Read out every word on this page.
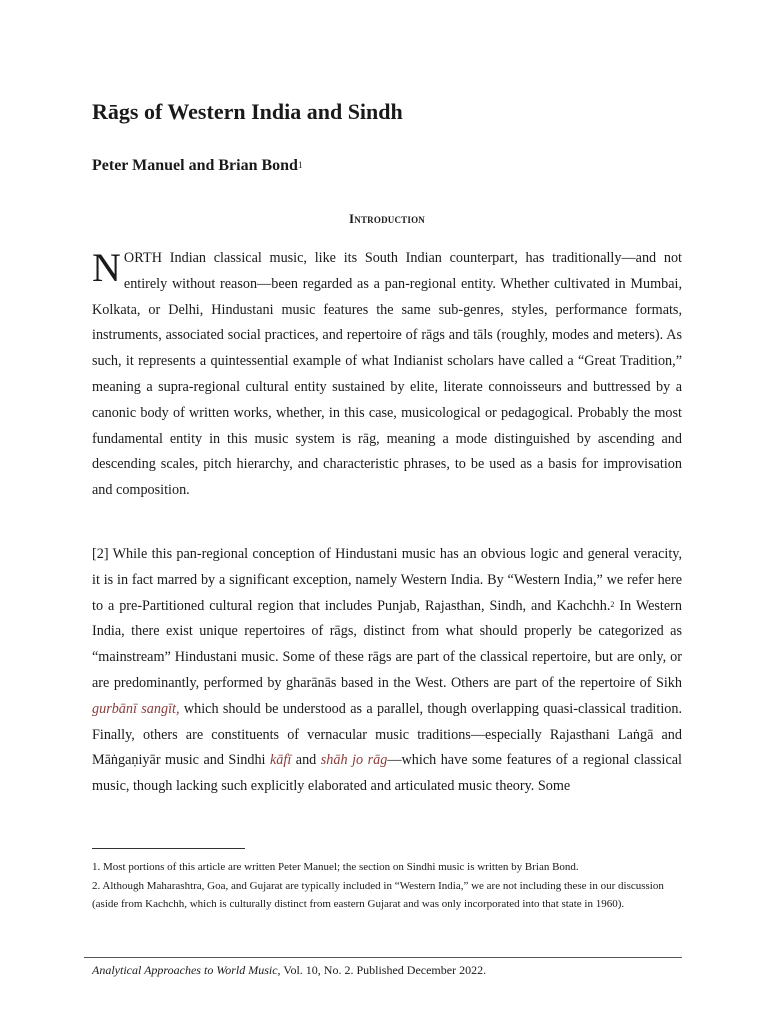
Rāgs of Western India and Sindh
Peter Manuel and Brian Bond$^1$
Introduction

NORTH Indian classical music, like its South Indian counterpart, has traditionally—and not entirely without reason—been regarded as a pan-regional entity. Whether cultivated in Mumbai, Kolkata, or Delhi, Hindustani music features the same sub-genres, styles, performance formats, instruments, associated social practices, and repertoire of rāgs and tāls (roughly, modes and meters). As such, it represents a quintessential example of what Indianist scholars have called a “Great Tradition,” meaning a supra-regional cultural entity sustained by elite, literate connoisseurs and buttressed by a canonic body of written works, whether, in this case, musicological or pedagogical. Probably the most fundamental entity in this music system is rāg, meaning a mode distinguished by ascending and descending scales, pitch hierarchy, and characteristic phrases, to be used as a basis for improvisation and composition.

[2] While this pan-regional conception of Hindustani music has an obvious logic and general veracity, it is in fact marred by a significant exception, namely Western India. By “Western India,” we refer here to a pre-Partitioned cultural region that includes Punjab, Rajasthan, Sindh, and Kachchh.$^2$ In Western India, there exist unique repertoires of rāgs, distinct from what should properly be categorized as “mainstream” Hindustani music. Some of these rāgs are part of the classical repertoire, but are only, or are predominantly, performed by gharānās based in the West. Others are part of the repertoire of Sikh gurbānī sangīt, which should be understood as a parallel, though overlapping quasi-classical tradition. Finally, others are constituents of vernacular music traditions—especially Rajasthani Laṅgā and Māṅgaṇiyār music and Sindhi kāfī and shāh jo rāg—which have some features of a regional classical music, though lacking such explicitly elaborated and articulated music theory. Some

1. Most portions of this article are written Peter Manuel; the section on Sindhi music is written by Brian Bond.

2. Although Maharashtra, Goa, and Gujarat are typically included in “Western India,” we are not including these in our discussion (aside from Kachchh, which is culturally distinct from eastern Gujarat and was only incorporated into that state in 1960).

Analytical Approaches to World Music, Vol. 10, No. 2. Published December 2022.
